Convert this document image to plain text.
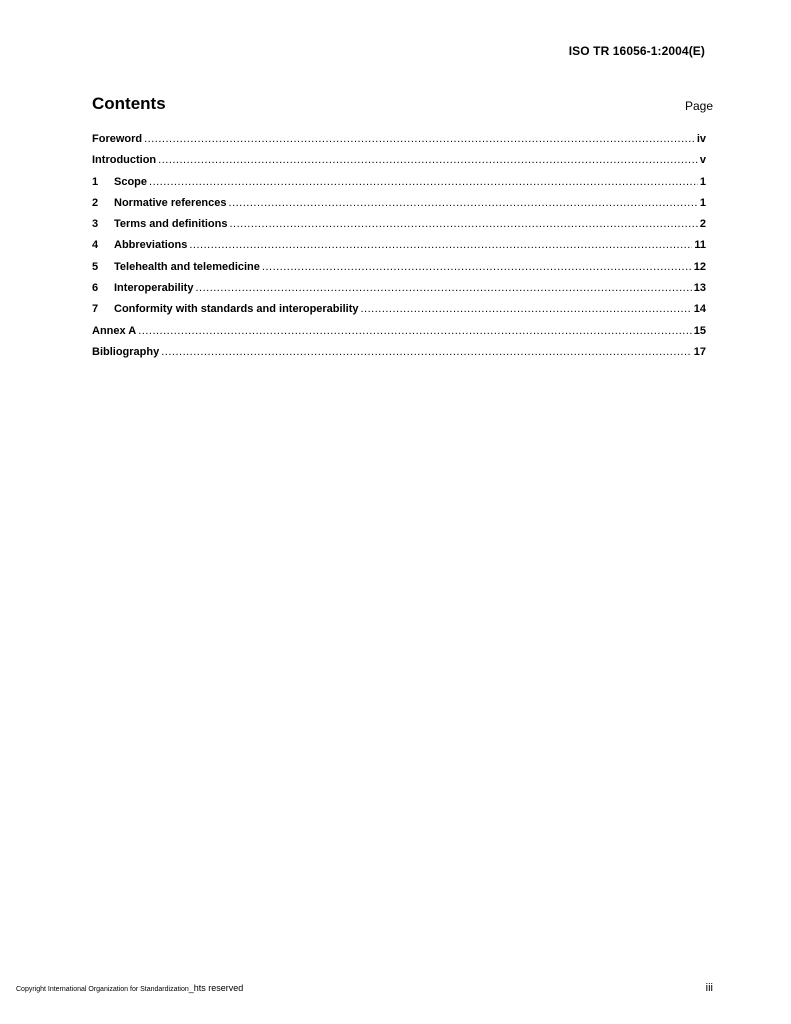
ISO TR 16056-1:2004(E)
Contents	Page
Foreword .....	iv
Introduction .....	v
1	Scope .....	1
2	Normative references .....	1
3	Terms and definitions .....	2
4	Abbreviations .....	11
5	Telehealth and telemedicine .....	12
6	Interoperability .....	13
7	Conformity with standards and interoperability .....	14
Annex A .....	15
Bibliography .....	17
Copyright International Organization for Standardization_hts reserved	iii
